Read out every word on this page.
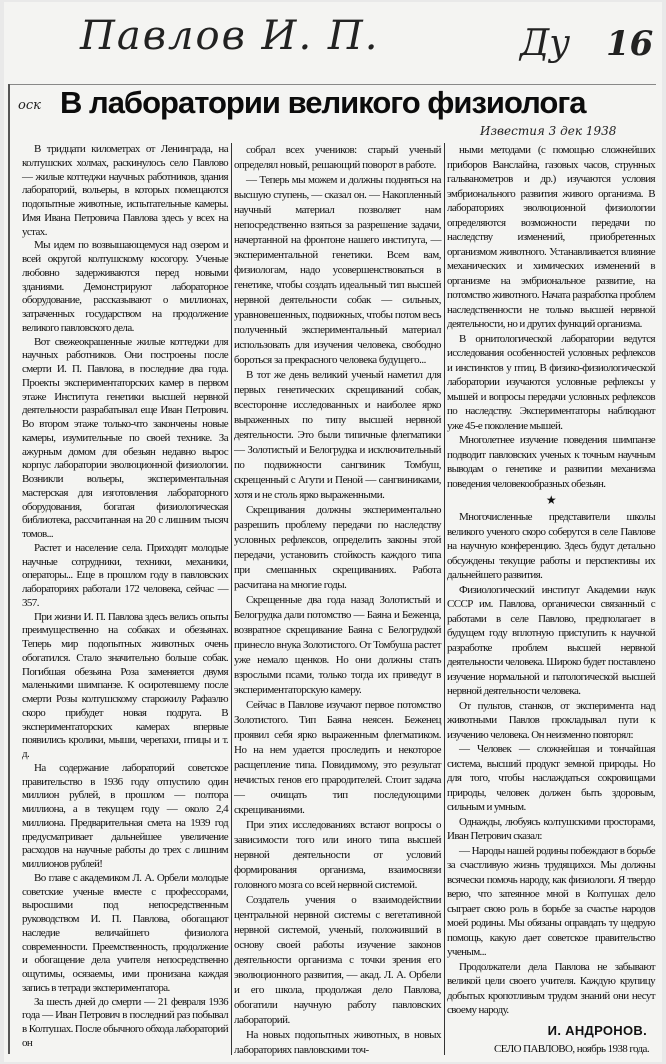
Павлов И. П.	Ду 16
оск В лаборатории великого физиолога
Известия 3 дек 1938

В тридцати километрах от Ленинграда, на колтушских холмах, раскинулось село Павлово — жилые коттеджи научных работников, здания лабораторий, вольеры, в которых помещаются подопытные животные, испытательные камеры. Имя Ивана Петровича Павлова здесь у всех на устах.

Мы идем по возвышающемуся над озером и всей округой колтушскому косогору. Ученые любовно задерживаются перед новыми зданиями. Демонстрируют лабораторное оборудование, рассказывают о миллионах, затраченных государством на продолжение великого павловского дела.

Вот свежеокрашенные жилые коттеджи для научных работников. Они построены после смерти И. П. Павлова, в последние два года. Проекты экспериментаторских камер в первом этаже Института генетики высшей нервной деятельности разрабатывал еще Иван Петрович. Во втором этаже только-что закончены новые камеры, изумительные по своей технике. За ажурным домом для обезьян недавно вырос корпус лаборатории эволюционной физиологии. Возникли вольеры, экспериментальная мастерская для изготовления лабораторного оборудования, богатая физиологическая библиотека, рассчитанная на 20 с лишним тысяч томов...

Растет и население села. Приходят молодые научные сотрудники, техники, механики, операторы... Еще в прошлом году в павловских лабораториях работали 172 человека, сейчас — 357.

При жизни И. П. Павлова здесь велись опыты преимущественно на собаках и обезьянах. Теперь мир подопытных животных очень обогатился. Стало значительно больше собак. Погибшая обезьяна Роза заменяется двумя маленькими шимпанзе. К осиротевшему после смерти Розы колтушскому старожилу Рафаэлю скоро прибудет новая подруга. В экспериментаторских камерах впервые появились кролики, мыши, черепахи, птицы и т. д.

На содержание лабораторий советское правительство в 1936 году отпустило один миллион рублей, в прошлом — полтора миллиона, а в текущем году — около 2,4 миллиона. Предварительная смета на 1939 год предусматривает дальнейшее увеличение расходов на научные работы до трех с лишним миллионов рублей!

Во главе с академиком Л. А. Орбели молодые советские ученые вместе с профессорами, выросшими под непосредственным руководством И. П. Павлова, обогащают наследие величайшего физиолога современности. Преемственность, продолжение и обогащение дела учителя непосредственно ощутимы, осязаемы, ими пронизана каждая запись в тетради экспериментатора.

За шесть дней до смерти — 21 февраля 1936 года — Иван Петрович в последний раз побывал в Колтушах. После обычного обхода лабораторий он

собрал всех учеников: старый ученый определял новый, решающий поворот в работе.

— Теперь мы можем и должны подняться на высшую ступень, — сказал он. — Накопленный научный материал позволяет нам непосредственно взяться за разрешение задачи, начертанной на фронтоне нашего института, — экспериментальной генетики. Всем вам, физиологам, надо усовершенствоваться в генетике, чтобы создать идеальный тип высшей нервной деятельности собак — сильных, уравновешенных, подвижных, чтобы потом весь полученный экспериментальный материал использовать для изучения человека, свободно бороться за прекрасного человека будущего...

В тот же день великий ученый наметил для первых генетических скрещиваний собак, всесторонне исследованных и наиболее ярко выраженных по типу высшей нервной деятельности. Это были типичные флегматики — Золотистый и Белогрудка и исключительный по подвижности сангвиник Томбуш, скрещенный с Агути и Пеной — сангвиниками, хотя и не столь ярко выраженными.

Скрещивания должны экспериментально разрешить проблему передачи по наследству условных рефлексов, определить законы этой передачи, установить стойкость каждого типа при смешанных скрещиваниях. Работа расчитана на многие годы.

Скрещенные два года назад Золотистый и Белогрудка дали потомство — Баяна и Беженца, возвратное скрещивание Баяна с Белогрудкой принесло внука Золотистого. От Томбуша растет уже немало щенков. Но они должны стать взрослыми псами, только тогда их приведут в экспериментаторскую камеру.

Сейчас в Павлове изучают первое потомство Золотистого. Тип Баяна неясен. Беженец проявил себя ярко выраженным флегматиком. Но на нем удается проследить и некоторое расщепление типа. Повидимому, это результат нечистых генов его прародителей. Стоит задача — очищать тип последующими скрещиваниями.

При этих исследованиях встают вопросы о зависимости того или иного типа высшей нервной деятельности от условий формирования организма, взаимосвязи головного мозга со всей нервной системой.

Создатель учения о взаимодействии центральной нервной системы с вегетативной нервной системой, ученый, положивший в основу своей работы изучение законов деятельности организма с точки зрения его эволюционного развития, — акад. Л. А. Орбели и его школа, продолжая дело Павлова, обогатили научную работу павловских лабораторий.

На новых подопытных животных, в новых лабораториях павловскими точ-

ными методами (с помощью сложнейших приборов Ванслайна, газовых часов, струнных гальванометров и др.) изучаются условия эмбрионального развития живого организма. В лабораториях эволюционной физиологии определяются возможности передачи по наследству изменений, приобретенных организмом животного. Устанавливается влияние механических и химических изменений в организме на эмбриональное развитие, на потомство животного. Начата разработка проблем наследственности не только высшей нервной деятельности, но и других функций организма.

В орнитологической лаборатории ведутся исследования особенностей условных рефлексов и инстинктов у птиц. В физико-физиологической лаборатории изучаются условные рефлексы у мышей и вопросы передачи условных рефлексов по наследству. Экспериментаторы наблюдают уже 45-е поколение мышей.

Многолетнее изучение поведения шимпанзе подводит павловских ученых к точным научным выводам о генетике и развитии механизма поведения человекообразных обезьян.

★

Многочисленные представители школы великого ученого скоро соберутся в селе Павлове на научную конференцию. Здесь будут детально обсуждены текущие работы и перспективы их дальнейшего развития.

Физиологический институт Академии наук СССР им. Павлова, органически связанный с работами в селе Павлово, предполагает в будущем году вплотную приступить к научной разработке проблем высшей нервной деятельности человека. Широко будет поставлено изучение нормальной и патологической высшей нервной деятельности человека.

От пультов, станков, от эксперимента над животными Павлов прокладывал пути к изучению человека. Он неизменно повторял:

— Человек — сложнейшая и тончайшая система, высший продукт земной природы. Но для того, чтобы наслаждаться сокровищами природы, человек должен быть здоровым, сильным и умным.

Однажды, любуясь колтушскими просторами, Иван Петрович сказал:

— Народы нашей родины побеждают в борьбе за счастливую жизнь трудящихся. Мы должны всячески помочь народу, как физиологи. Я твердо верю, что затеянное мной в Колтушах дело сыграет свою роль в борьбе за счастье народов моей родины. Мы обязаны оправдать ту щедрую помощь, какую дает советское правительство ученым...

Продолжатели дела Павлова не забывают великой цели своего учителя. Каждую крупицу добытых кропотливым трудом знаний они несут своему народу.

И. АНДРОНОВ.
СЕЛО ПАВЛОВО, ноябрь 1938 года.
